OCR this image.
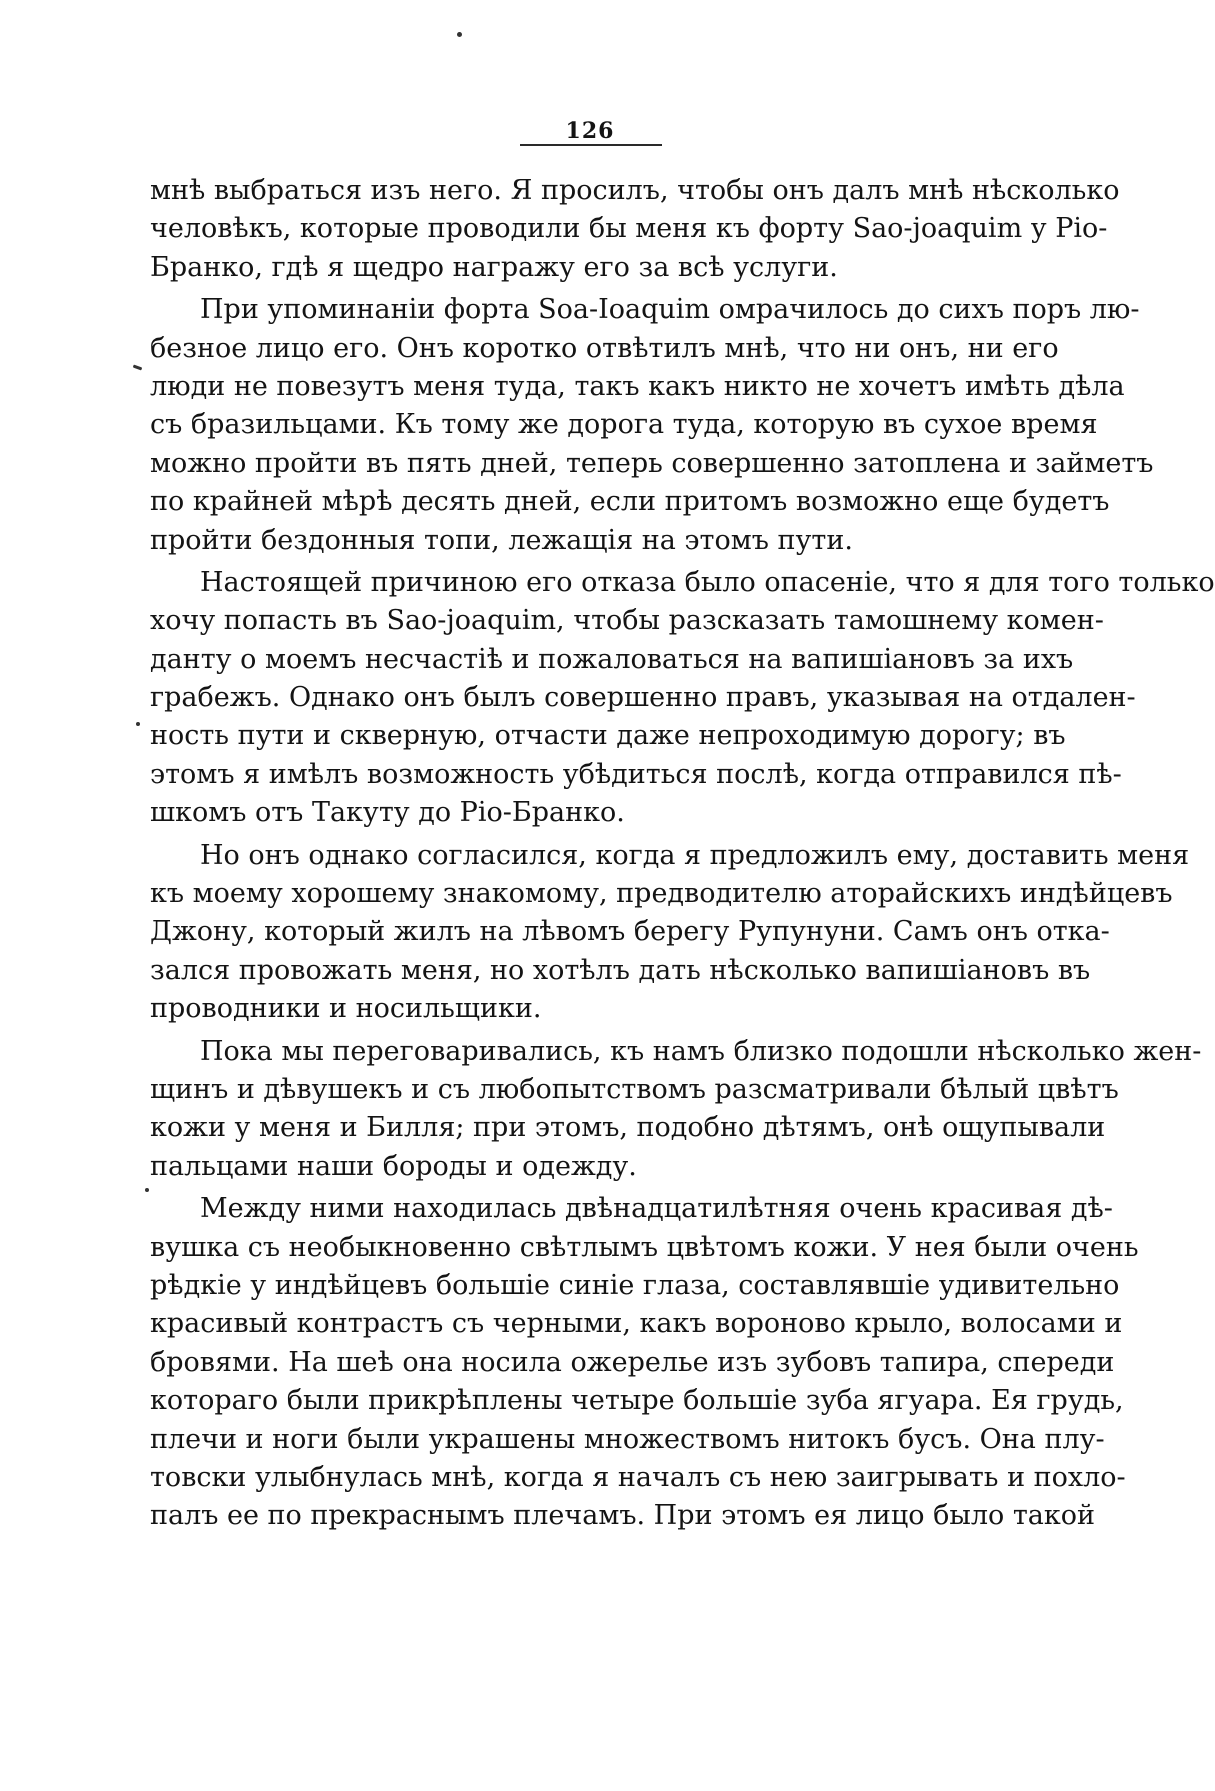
126
мнѣ выбраться изъ него. Я просилъ, чтобы онъ далъ мнѣ нѣсколько
человѣкъ, которые проводили бы меня къ форту Sao-joaquim у Ріо-
Бранко, гдѣ я щедро награжу его за всѣ услуги.
При упоминаніи форта Soa-Ioaquim омрачилось до сихъ поръ лю-
безное лицо его. Онъ коротко отвѣтилъ мнѣ, что ни онъ, ни его
люди не повезутъ меня туда, такъ какъ никто не хочетъ имѣть дѣла
съ бразильцами. Къ тому же дорога туда, которую въ сухое время
можно пройти въ пять дней, теперь совершенно затоплена и займетъ
по крайней мѣрѣ десять дней, если притомъ возможно еще будетъ
пройти бездонныя топи, лежащія на этомъ пути.
Настоящей причиною его отказа было опасеніе, что я для того только
хочу попасть въ Sao-joaquim, чтобы разсказать тамошнему комен-
данту о моемъ несчастіѣ и пожаловаться на вапишіановъ за ихъ
грабежъ. Однако онъ былъ совершенно правъ, указывая на отдален-
ность пути и скверную, отчасти даже непроходимую дорогу; въ
этомъ я имѣлъ возможность убѣдиться послѣ, когда отправился пѣ-
шкомъ отъ Такуту до Ріо-Бранко.
Но онъ однако согласился, когда я предложилъ ему, доставить меня
къ моему хорошему знакомому, предводителю аторайскихъ индѣйцевъ
Джону, который жилъ на лѣвомъ берегу Рупунуни. Самъ онъ отка-
зался провожать меня, но хотѣлъ дать нѣсколько вапишіановъ въ
проводники и носильщики.
Пока мы переговаривались, къ намъ близко подошли нѣсколько жен-
щинъ и дѣвушекъ и съ любопытствомъ разсматривали бѣлый цвѣтъ
кожи у меня и Билля; при этомъ, подобно дѣтямъ, онѣ ощупывали
пальцами наши бороды и одежду.
Между ними находилась двѣнадцатилѣтняя очень красивая дѣ-
вушка съ необыкновенно свѣтлымъ цвѣтомъ кожи. У нея были очень
рѣдкіе у индѣйцевъ большіе синіе глаза, составлявшіе удивительно
красивый контрастъ съ черными, какъ вороново крыло, волосами и
бровями. На шеѣ она носила ожерелье изъ зубовъ тапира, спереди
котораго были прикрѣплены четыре большіе зуба ягуара. Ея грудь,
плечи и ноги были украшены множествомъ нитокъ бусъ. Она плу-
товски улыбнулась мнѣ, когда я началъ съ нею заигрывать и похло-
палъ ее по прекраснымъ плечамъ. При этомъ ея лицо было такой
